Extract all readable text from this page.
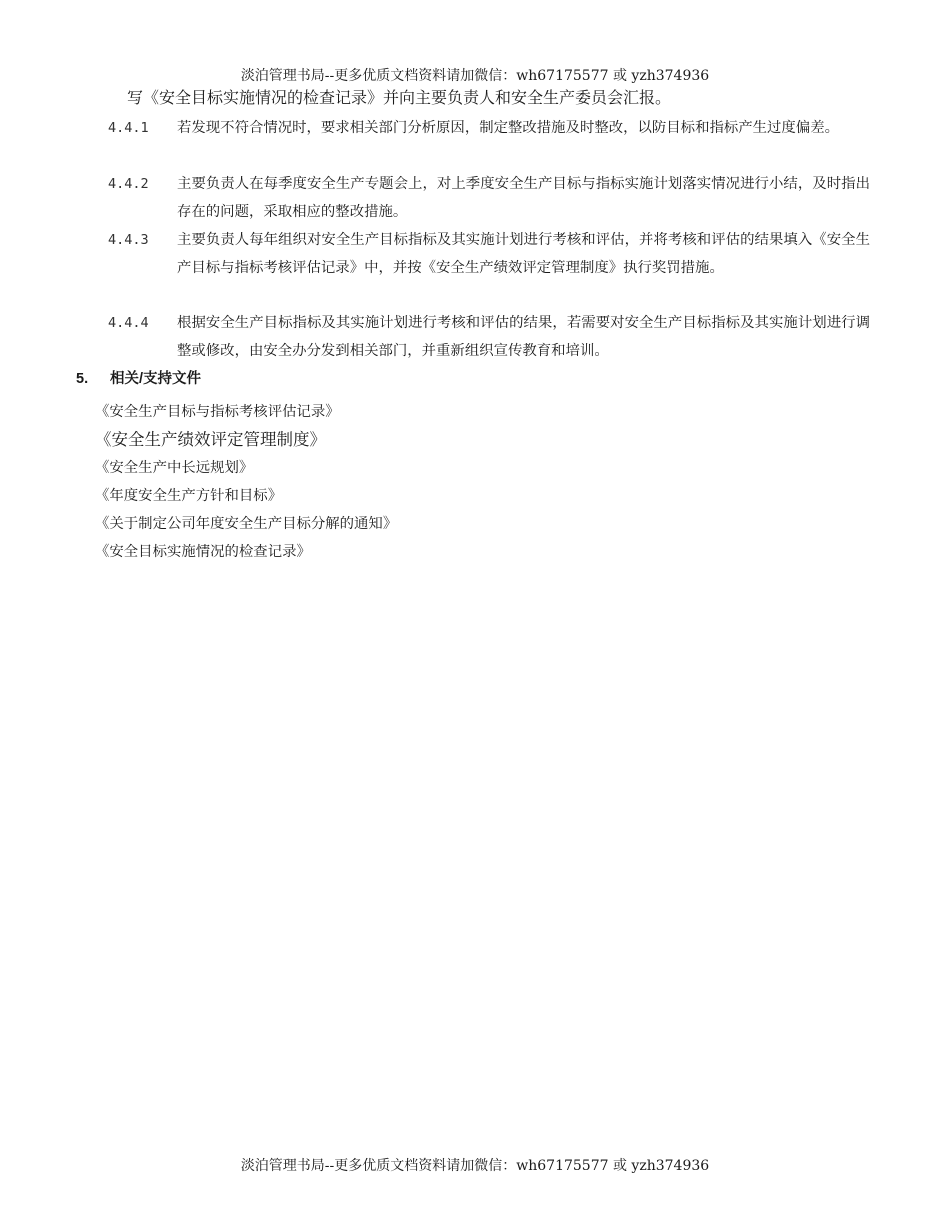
淡泊管理书局--更多优质文档资料请加微信：wh67175577 或 yzh374936
写《安全目标实施情况的检查记录》并向主要负责人和安全生产委员会汇报。
4.4.1	若发现不符合情况时，要求相关部门分析原因，制定整改措施及时整改，以防目标和指标产生过度偏差。
4.4.2	主要负责人在每季度安全生产专题会上，对上季度安全生产目标与指标实施计划落实情况进行小结，及时指出存在的问题，采取相应的整改措施。
4.4.3	主要负责人每年组织对安全生产目标指标及其实施计划进行考核和评估，并将考核和评估的结果填入《安全生产目标与指标考核评估记录》中，并按《安全生产绩效评定管理制度》执行奖罚措施。
4.4.4	根据安全生产目标指标及其实施计划进行考核和评估的结果，若需要对安全生产目标指标及其实施计划进行调整或修改，由安全办分发到相关部门，并重新组织宣传教育和培训。
5. 相关/支持文件
《安全生产目标与指标考核评估记录》
《安全生产绩效评定管理制度》
《安全生产中长远规划》
《年度安全生产方针和目标》
《关于制定公司年度安全生产目标分解的通知》
《安全目标实施情况的检查记录》
淡泊管理书局--更多优质文档资料请加微信：wh67175577 或 yzh374936
